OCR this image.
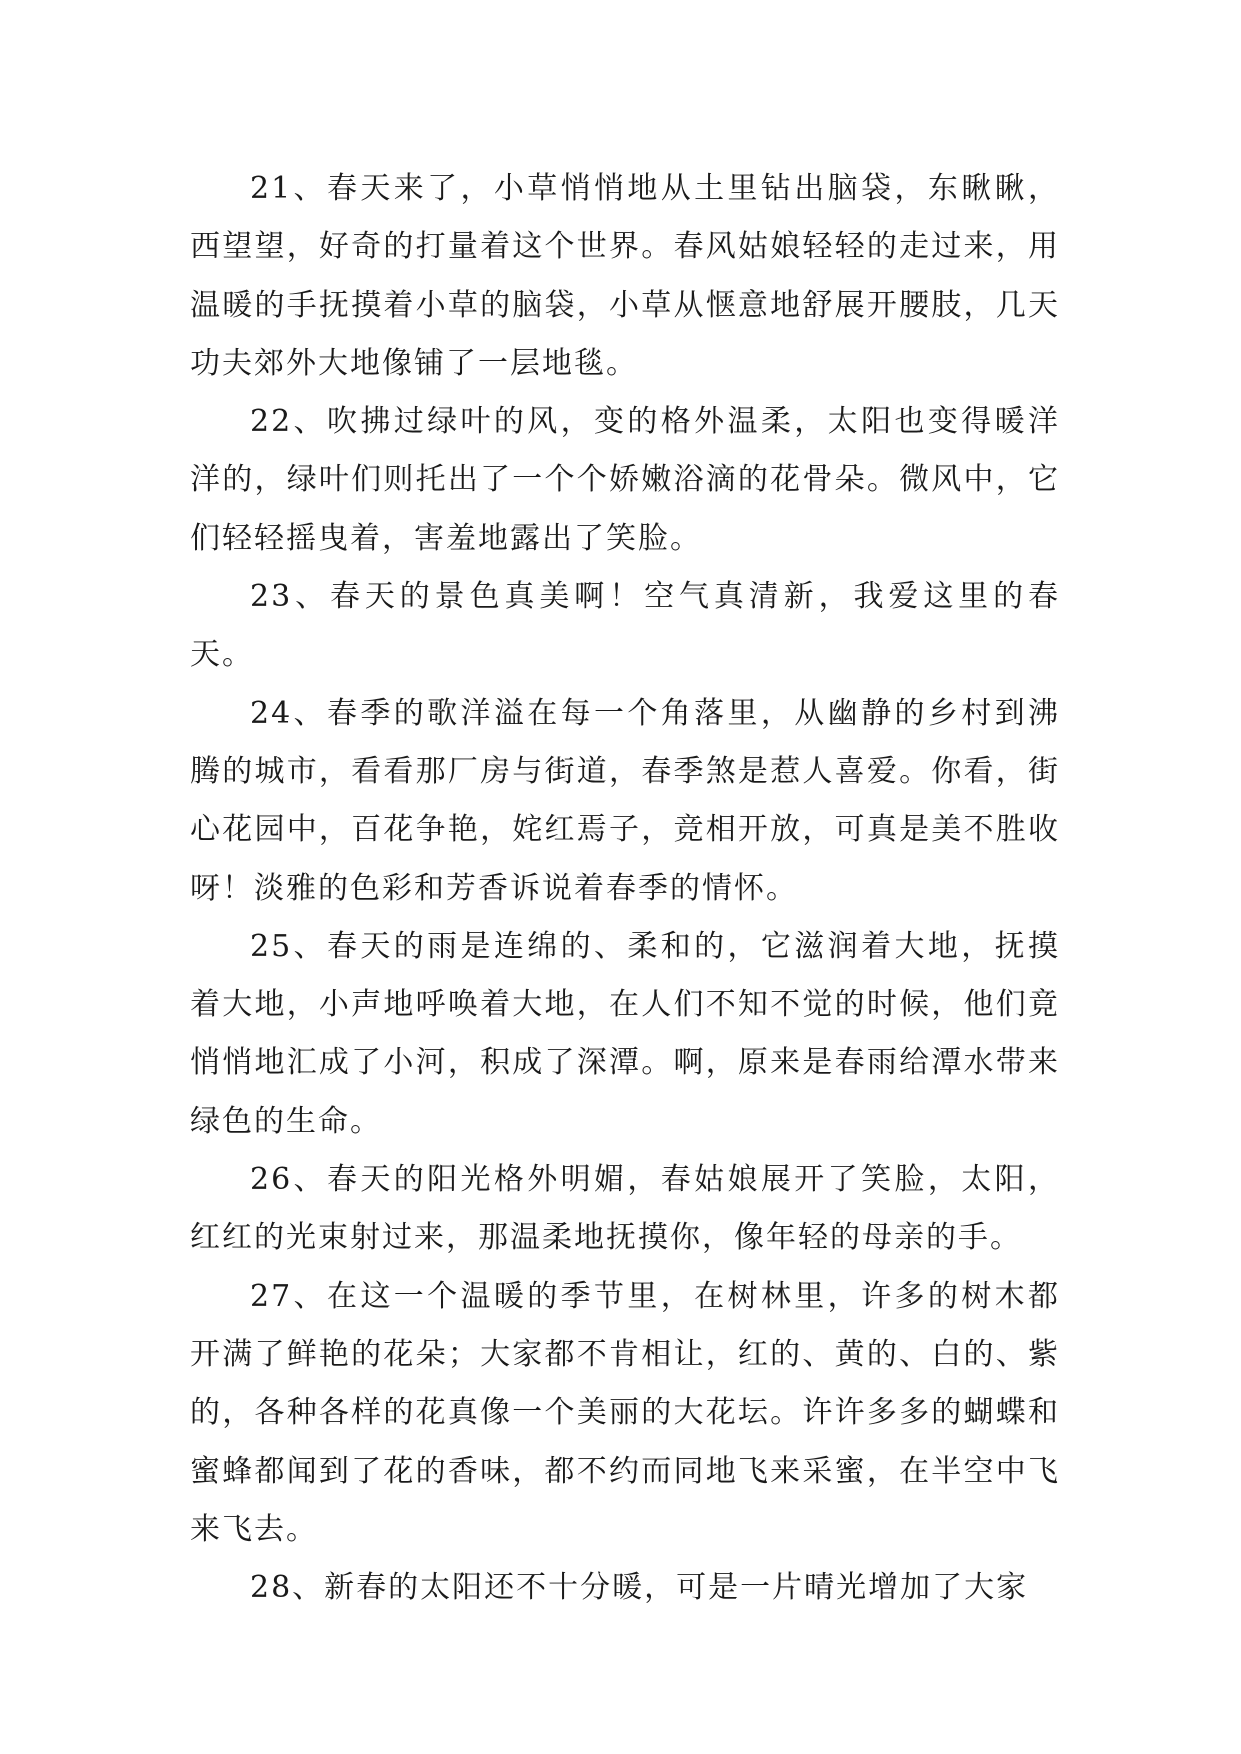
21、春天来了，小草悄悄地从土里钻出脑袋，东瞅瞅，西望望，好奇的打量着这个世界。春风姑娘轻轻的走过来，用温暖的手抚摸着小草的脑袋，小草从惬意地舒展开腰肢，几天功夫郊外大地像铺了一层地毯。

22、吹拂过绿叶的风，变的格外温柔，太阳也变得暖洋洋的，绿叶们则托出了一个个娇嫩浴滴的花骨朵。微风中，它们轻轻摇曳着，害羞地露出了笑脸。

23、春天的景色真美啊！空气真清新，我爱这里的春天。

24、春季的歌洋溢在每一个角落里，从幽静的乡村到沸腾的城市，看看那厂房与街道，春季煞是惹人喜爱。你看，街心花园中，百花争艳，姹红焉子，竞相开放，可真是美不胜收呀！淡雅的色彩和芳香诉说着春季的情怀。

25、春天的雨是连绵的、柔和的，它滋润着大地，抚摸着大地，小声地呼唤着大地，在人们不知不觉的时候，他们竟悄悄地汇成了小河，积成了深潭。啊，原来是春雨给潭水带来绿色的生命。

26、春天的阳光格外明媚，春姑娘展开了笑脸，太阳，红红的光束射过来，那温柔地抚摸你，像年轻的母亲的手。

27、在这一个温暖的季节里，在树林里，许多的树木都开满了鲜艳的花朵；大家都不肯相让，红的、黄的、白的、紫的，各种各样的花真像一个美丽的大花坛。许许多多的蝴蝶和蜜蜂都闻到了花的香味，都不约而同地飞来采蜜，在半空中飞来飞去。

28、新春的太阳还不十分暖，可是一片晴光增加了大家
